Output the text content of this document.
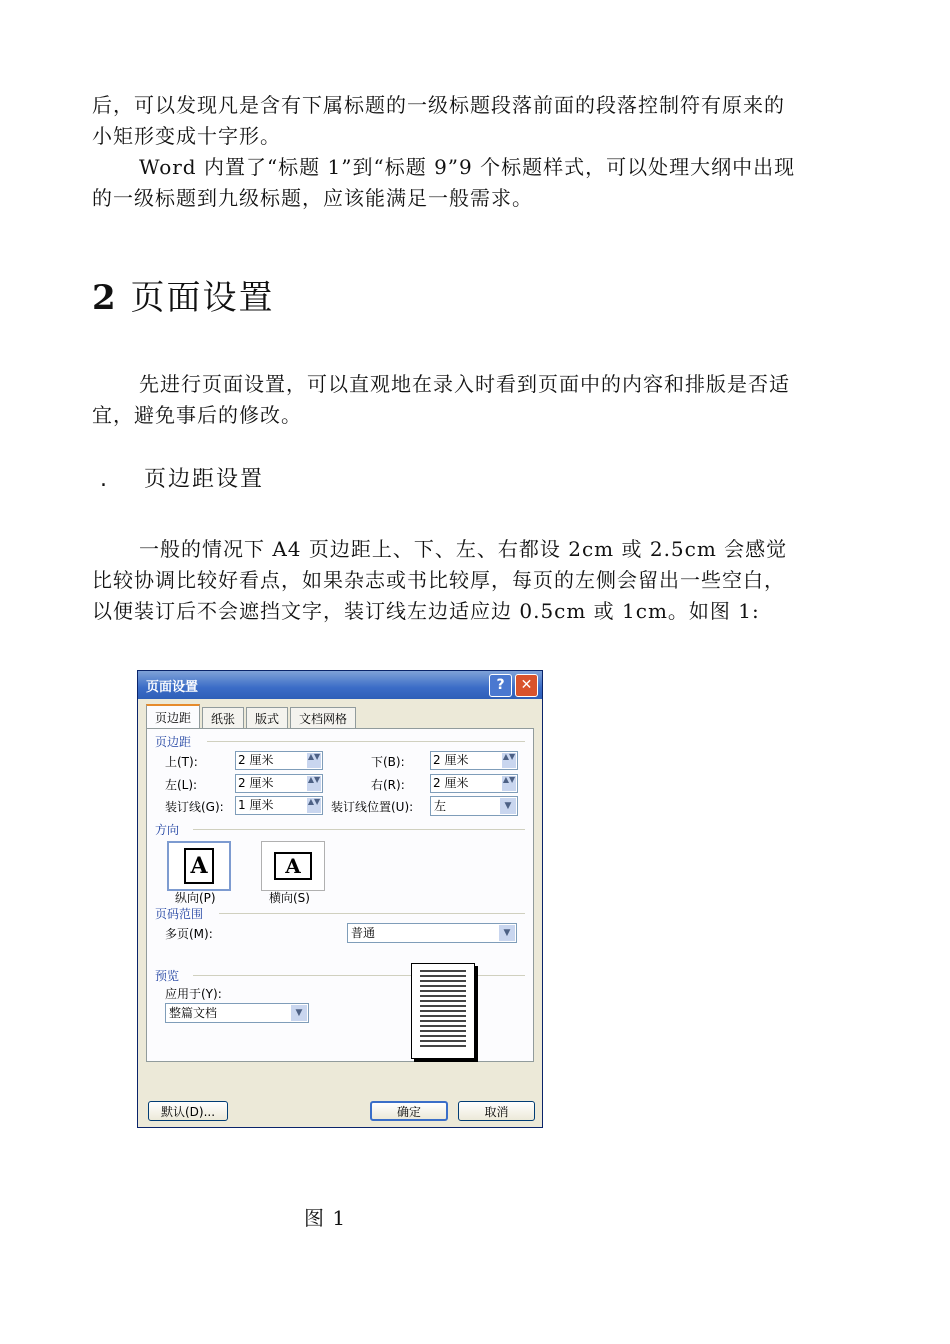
后，可以发现凡是含有下属标题的一级标题段落前面的段落控制符有原来的小矩形变成十字形。

Word 内置了“标题 1”到“标题 9”9 个标题样式，可以处理大纲中出现的一级标题到九级标题，应该能满足一般需求。

2 页面设置

先进行页面设置，可以直观地在录入时看到页面中的内容和排版是否适宜，避免事后的修改。

. 页边距设置

一般的情况下 A4 页边距上、下、左、右都设 2cm 或 2.5cm 会感觉比较协调比较好看点，如果杂志或书比较厚，每页的左侧会留出一些空白，以便装订后不会遮挡文字，装订线左边适应边 0.5cm 或 1cm。如图 1:

页面设置	?	✕
页边距	纸张	版式	文档网格
页边距
上(T):	2 厘米	▲▼	下(B): 2 厘米	▲▼
左(L):	2 厘米	▲▼	右(R): 2 厘米	▲▼
装订线(G): 1 厘米	▲▼ 装订线位置(U):	左	▼
方向
A
纵向(P)
A
横向(S)
页码范围
多页(M):	普通	▼
预览
应用于(Y):
整篇文档	▼
默认(D)...	确定	取消
图 1
